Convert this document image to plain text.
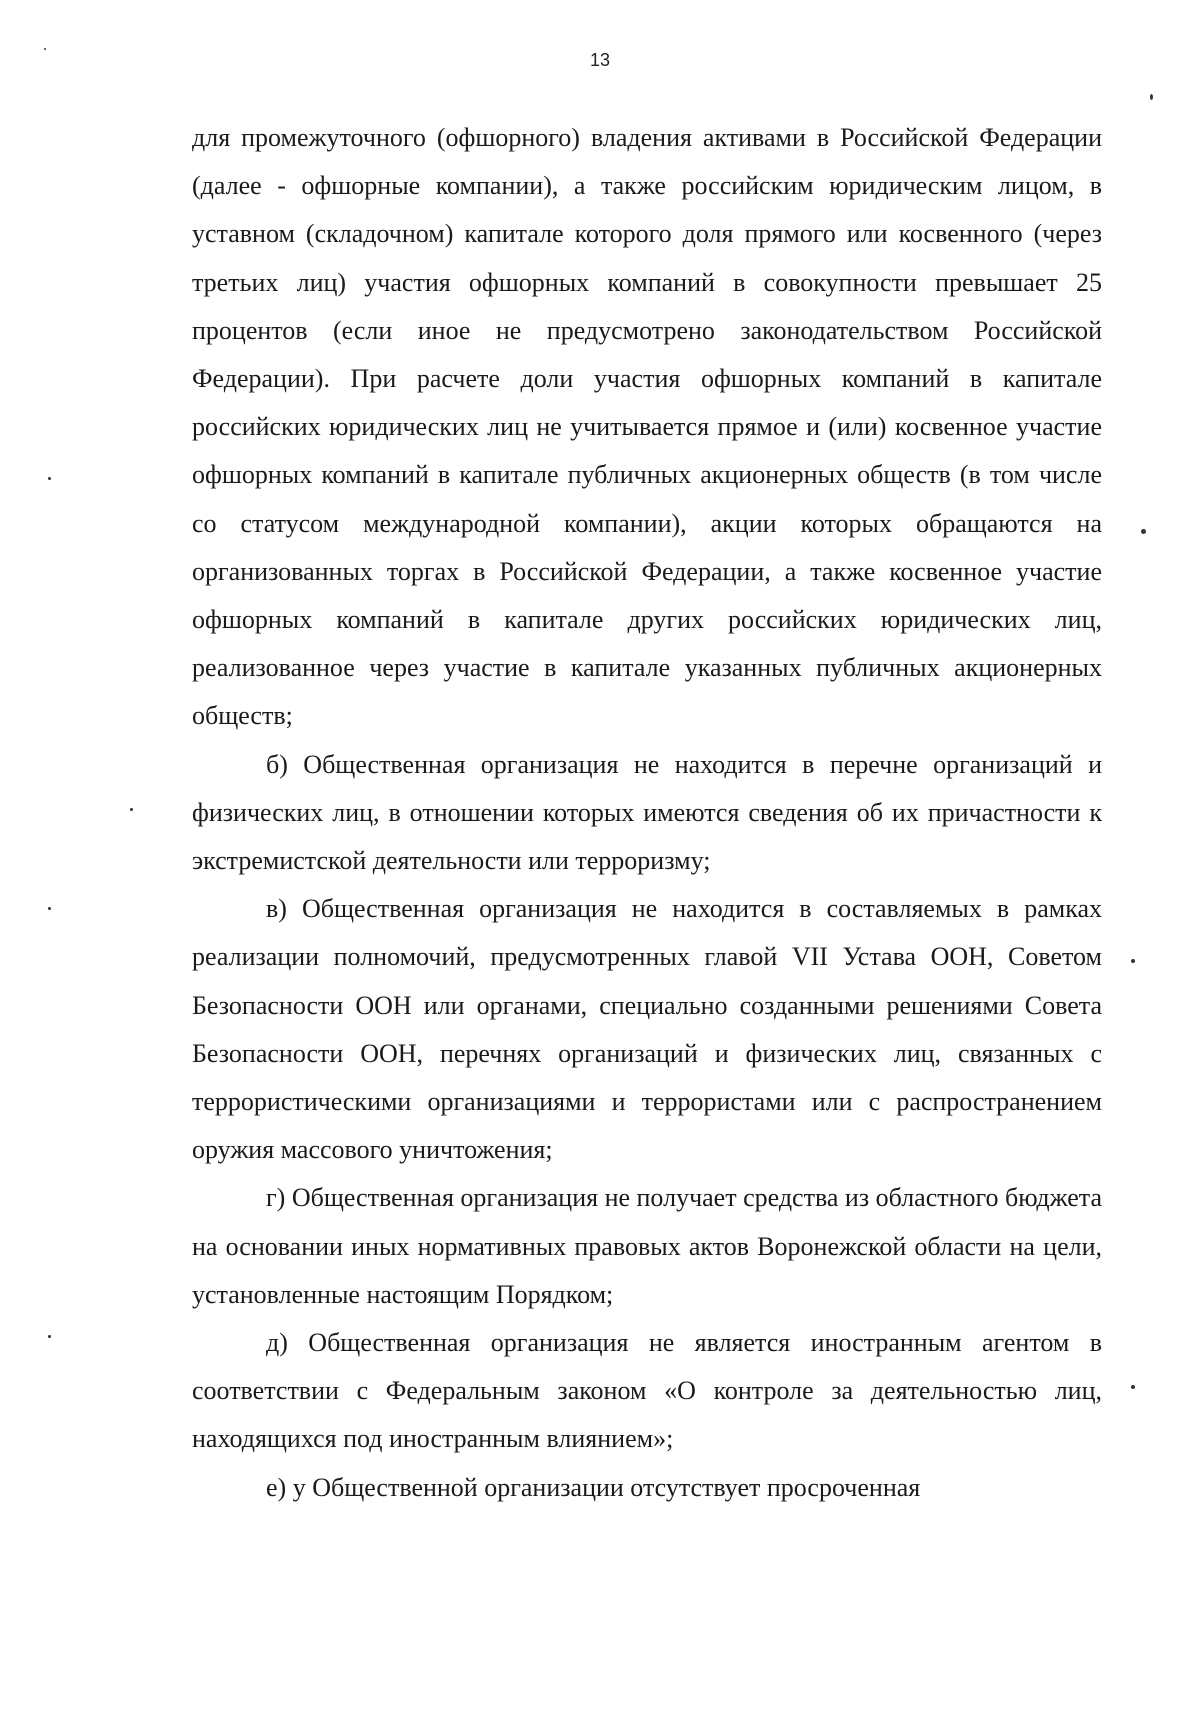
13

для промежуточного (офшорного) владения активами в Российской Федерации (далее - офшорные компании), а также российским юридическим лицом, в уставном (складочном) капитале которого доля прямого или косвенного (через третьих лиц) участия офшорных компаний в совокупности превышает 25 процентов (если иное не предусмотрено законодательством Российской Федерации). При расчете доли участия офшорных компаний в капитале российских юридических лиц не учитывается прямое и (или) косвенное участие офшорных компаний в капитале публичных акционерных обществ (в том числе со статусом международной компании), акции которых обращаются на организованных торгах в Российской Федерации, а также косвенное участие офшорных компаний в капитале других российских юридических лиц, реализованное через участие в капитале указанных публичных акционерных обществ;

б) Общественная организация не находится в перечне организаций и физических лиц, в отношении которых имеются сведения об их причастности к экстремистской деятельности или терроризму;

в) Общественная организация не находится в составляемых в рамках реализации полномочий, предусмотренных главой VII Устава ООН, Советом Безопасности ООН или органами, специально созданными решениями Совета Безопасности ООН, перечнях организаций и физических лиц, связанных с террористическими организациями и террористами или с распространением оружия массового уничтожения;

г) Общественная организация не получает средства из областного бюджета на основании иных нормативных правовых актов Воронежской области на цели, установленные настоящим Порядком;

д) Общественная организация не является иностранным агентом в соответствии с Федеральным законом «О контроле за деятельностью лиц, находящихся под иностранным влиянием»;

е) у Общественной организации отсутствует просроченная
